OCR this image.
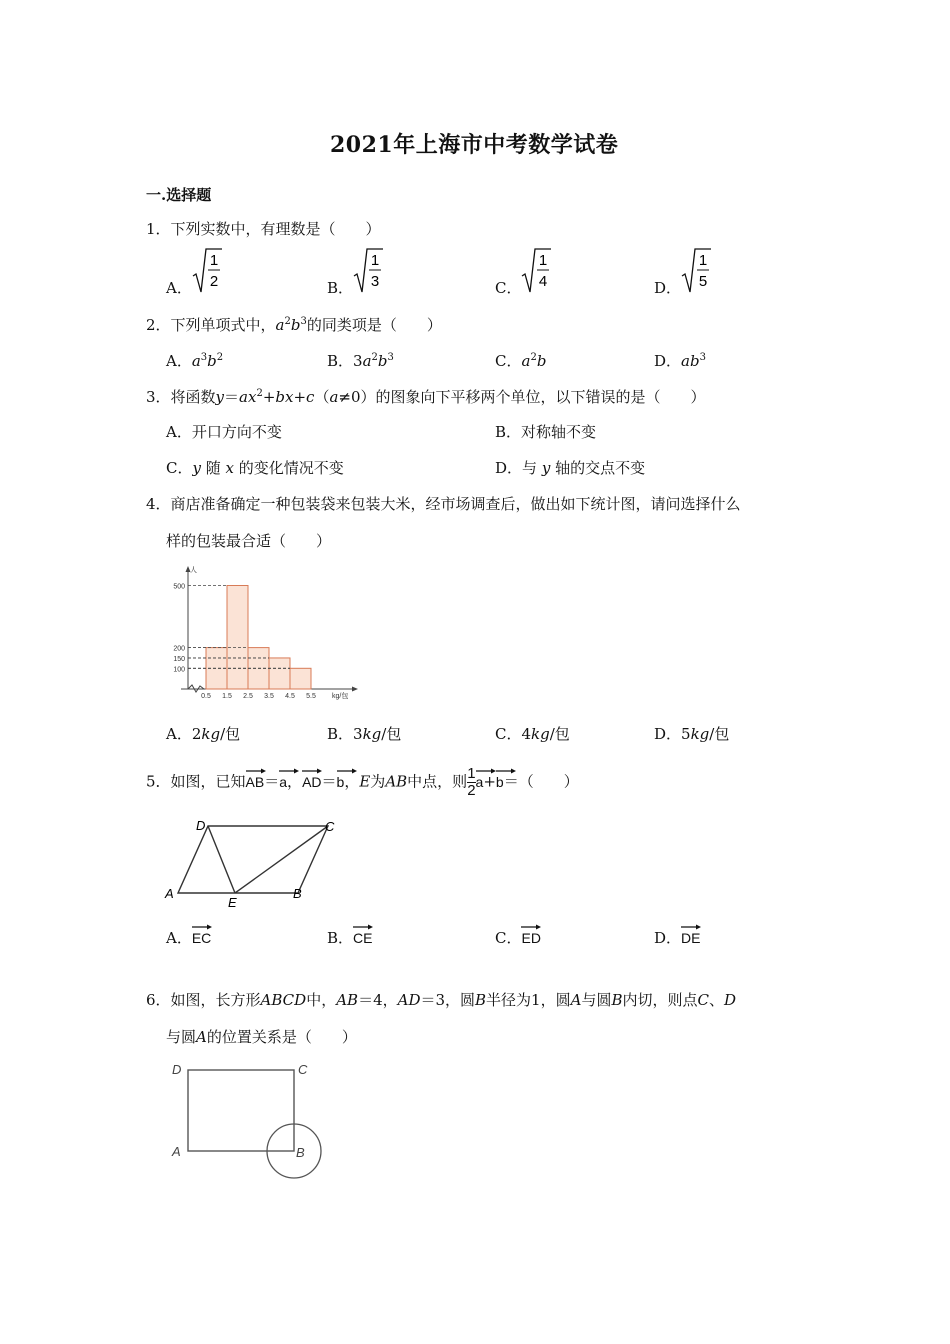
2021年上海市中考数学试卷
一.选择题
1．下列实数中，有理数是（　　）
A．
1
2	B．
1
3	C．
1
4	D．
1
5
2．下列单项式中，$a^2b^3$的同类项是（　　）
A．$a^3b^2$	B．$3a^2b^3$	C．$a^2b$	D．$ab^3$
3．将函数$y=ax^2+bx+c(a\ne 0)$的图象向下平移两个单位，以下错误的是（　　）
A．开口方向不变	B．对称轴不变
C．y 随 x 的变化情况不变	D．与 y 轴的交点不变
4．商店准备确定一种包装袋来包装大米，经市场调查后，做出如下统计图，请问选择什么
样的包装最合适（　　）
100
150
200
500
0.5 1.5 2.5 3.5 4.5 5.5
人
kg/包
A．2kg/包	B．3kg/包	C．4kg/包	D．5kg/包
5．如图，已知
AB＝
a，
AD＝
b，E为AB中点，则$\frac{1}{2} a+$
b＝（　　）
D	C
A
E
B
A．
EC	B．
CE	C．
ED	D．
DE
6．如图，长方形ABCD中，AB＝4，AD＝3，圆B半径为1，圆A与圆B内切，则点C、D
与圆A的位置关系是（　　）
D	C
A	B
